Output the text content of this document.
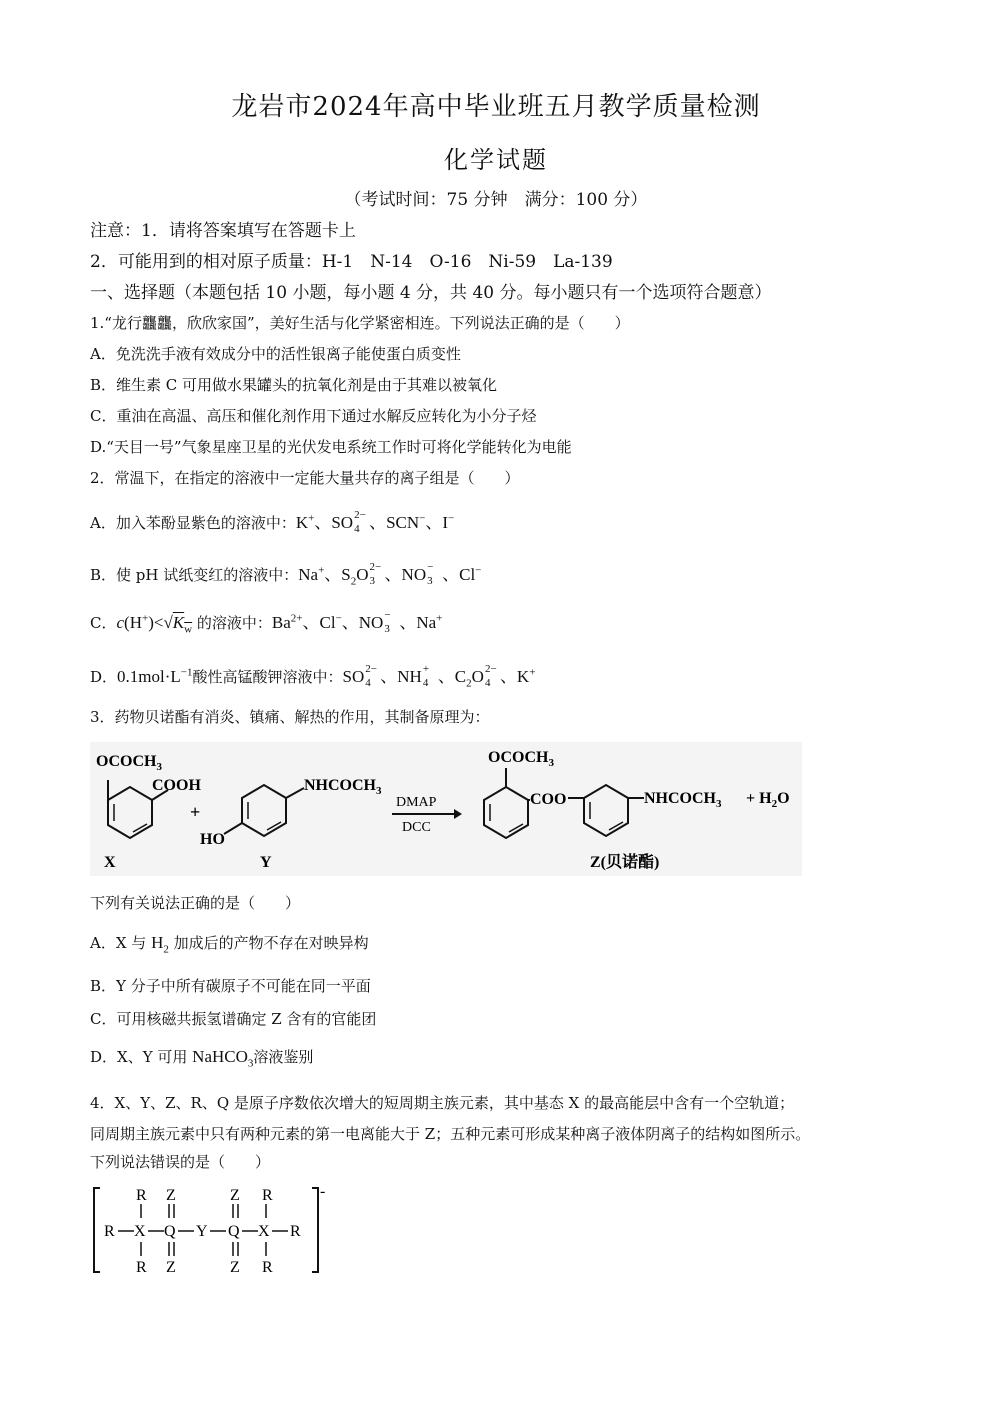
龙岩市2024年高中毕业班五月教学质量检测
化学试题
（考试时间：75 分钟　满分：100 分）
注意：1．请将答案填写在答题卡上
2．可能用到的相对原子质量：H-1　N-14　O-16　Ni-59　La-139
一、选择题（本题包括 10 小题，每小题 4 分，共 40 分。每小题只有一个选项符合题意）
1.“龙行龘龘，欣欣家国”，美好生活与化学紧密相连。下列说法正确的是（　　）
A．免洗洗手液有效成分中的活性银离子能使蛋白质变性
B．维生素 C 可用做水果罐头的抗氧化剂是由于其难以被氧化
C．重油在高温、高压和催化剂作用下通过水解反应转化为小分子烃
D.“天目一号”气象星座卫星的光伏发电系统工作时可将化学能转化为电能
2．常温下，在指定的溶液中一定能大量共存的离子组是（　　）
A．加入苯酚显紫色的溶液中：K+、SO 2−
4 、SCN−、I−
B．使 pH 试纸变红的溶液中：Na+、$S_2O$ 2−
3 、NO −
3 、Cl−
C．$c(H^+)<√K_w$ 的溶液中：$Ba^{2+}$、Cl−、NO −
3 、Na+
D．$0.1mol\cdot L^{-1}$酸性高锰酸钾溶液中：SO 2−
4 、NH +
4 、$C_2O$ 2−
4 、K+
3．药物贝诺酯有消炎、镇痛、解热的作用，其制备原理为：
$OCOCH_3$
COOH
X
+
$NHCOCH_3$
HO
Y
DMAP
DCC
$OCOCH_3$
COO	$NHCOCH_3 + H_2O$
Z(贝诺酯)
下列有关说法正确的是（　　）
A．X 与 $H_2$ 加成后的产物不存在对映异构
B．Y 分子中所有碳原子不可能在同一平面
C．可用核磁共振氢谱确定 Z 含有的官能团
D．X、Y 可用 NaHCO$_3$溶液鉴别
4．X、Y、Z、R、Q 是原子序数依次增大的短周期主族元素，其中基态 X 的最高能层中含有一个空轨道；
同周期主族元素中只有两种元素的第一电离能大于 Z；五种元素可形成某种离子液体阴离子的结构如图所示。
下列说法错误的是（　　）
-
R X Q Y Q X R
R
R
R
R
Z
Z
Z
Z
